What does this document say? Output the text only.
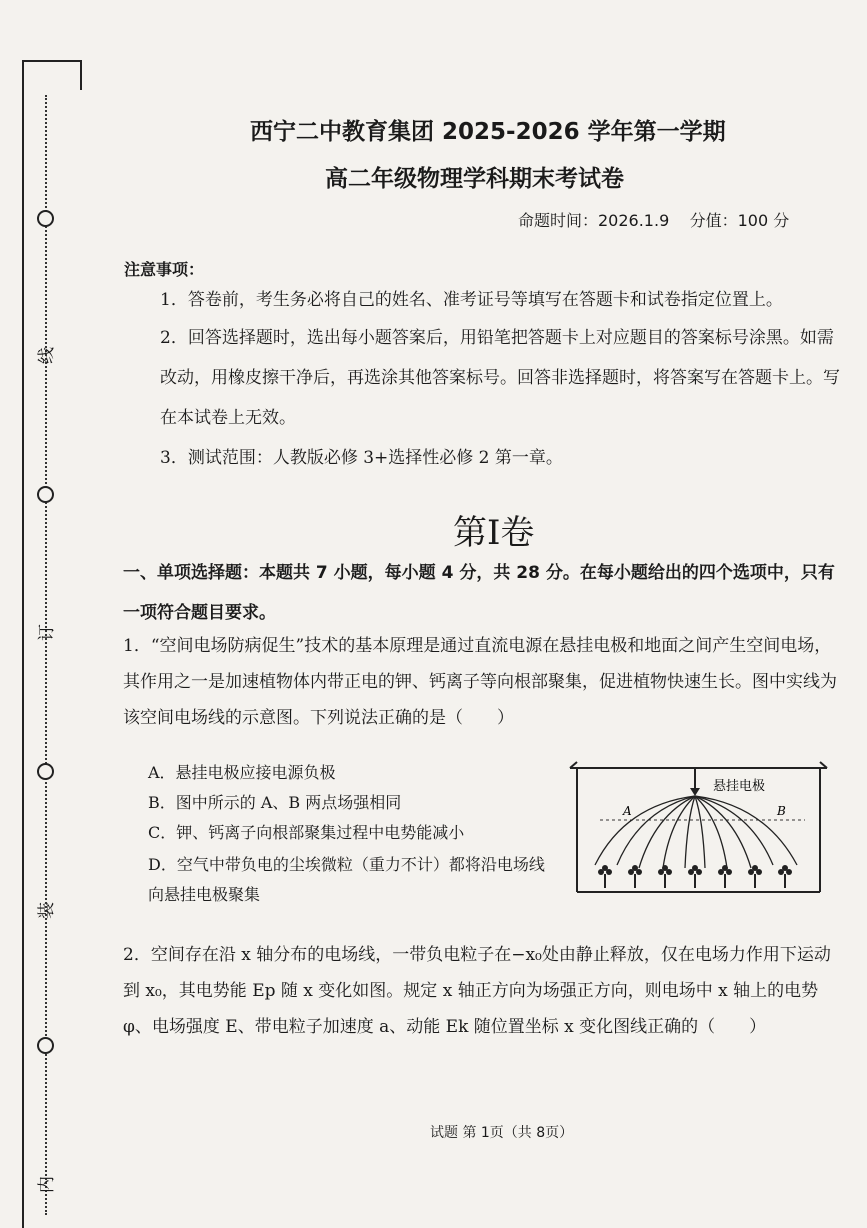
线
订
装
内
西宁二中教育集团 2025-2026 学年第一学期
高二年级物理学科期末考试卷
命题时间：2026.1.9 分值：100 分
注意事项：
1．答卷前，考生务必将自己的姓名、准考证号等填写在答题卡和试卷指定位置上。
2．回答选择题时，选出每小题答案后，用铅笔把答题卡上对应题目的答案标号涂黑。如需改动，用橡皮擦干净后，再选涂其他答案标号。回答非选择题时，将答案写在答题卡上。写在本试卷上无效。
3．测试范围：人教版必修 3+选择性必修 2 第一章。
第I卷
一、单项选择题：本题共 7 小题，每小题 4 分，共 28 分。在每小题给出的四个选项中，只有一项符合题目要求。
1．“空间电场防病促生”技术的基本原理是通过直流电源在悬挂电极和地面之间产生空间电场，其作用之一是加速植物体内带正电的钾、钙离子等向根部聚集，促进植物快速生长。图中实线为该空间电场线的示意图。下列说法正确的是（　　）
A．悬挂电极应接电源负极
B．图中所示的 A、B 两点场强相同
C．钾、钙离子向根部聚集过程中电势能减小
D．空气中带负电的尘埃微粒（重力不计）都将沿电场线向悬挂电极聚集
悬挂电极
A	B
2．空间存在沿 x 轴分布的电场线，一带负电粒子在−x₀处由静止释放，仅在电场力作用下运动到 x₀，其电势能 Ep 随 x 变化如图。规定 x 轴正方向为场强正方向，则电场中 x 轴上的电势φ、电场强度 E、带电粒子加速度 a、动能 Ek 随位置坐标 x 变化图线正确的（　　）
试题 第 1页（共 8页）
